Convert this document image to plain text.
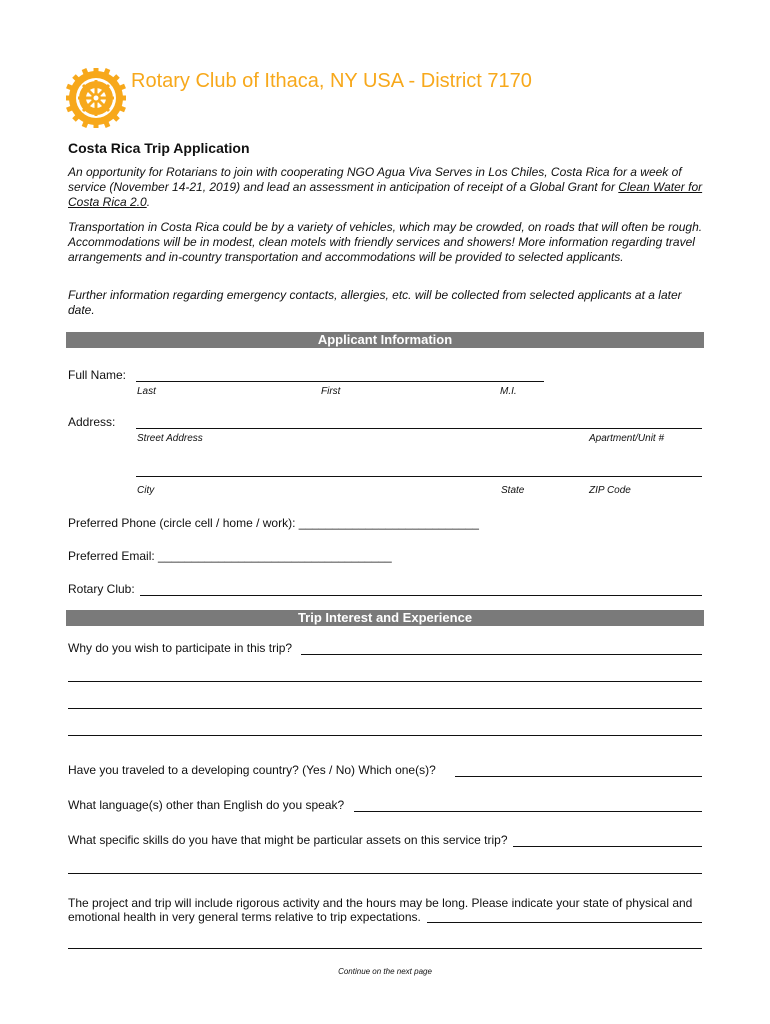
Rotary Club of Ithaca, NY USA - District 7170
Costa Rica Trip Application
An opportunity for Rotarians to join with cooperating NGO Agua Viva Serves in Los Chiles, Costa Rica for a week of service (November 14-21, 2019) and lead an assessment in anticipation of receipt of a Global Grant for Clean Water for Costa Rica 2.0.
Transportation in Costa Rica could be by a variety of vehicles, which may be crowded, on roads that will often be rough. Accommodations will be in modest, clean motels with friendly services and showers! More information regarding travel arrangements and in-country transportation and accommodations will be provided to selected applicants.
Further information regarding emergency contacts, allergies, etc. will be collected from selected applicants at a later date.
Applicant Information
Full Name:
Last	First	M.I.
Address:
Street Address	Apartment/Unit #
City	State	ZIP Code
Preferred Phone (circle cell / home / work): ___________________________
Preferred Email: ___________________________________
Rotary Club:
Trip Interest and Experience
Why do you wish to participate in this trip?
Have you traveled to a developing country? (Yes / No) Which one(s)?
What language(s) other than English do you speak?
What specific skills do you have that might be particular assets on this service trip?
The project and trip will include rigorous activity and the hours may be long. Please indicate your state of physical and
emotional health in very general terms relative to trip expectations.
Continue on the next page
